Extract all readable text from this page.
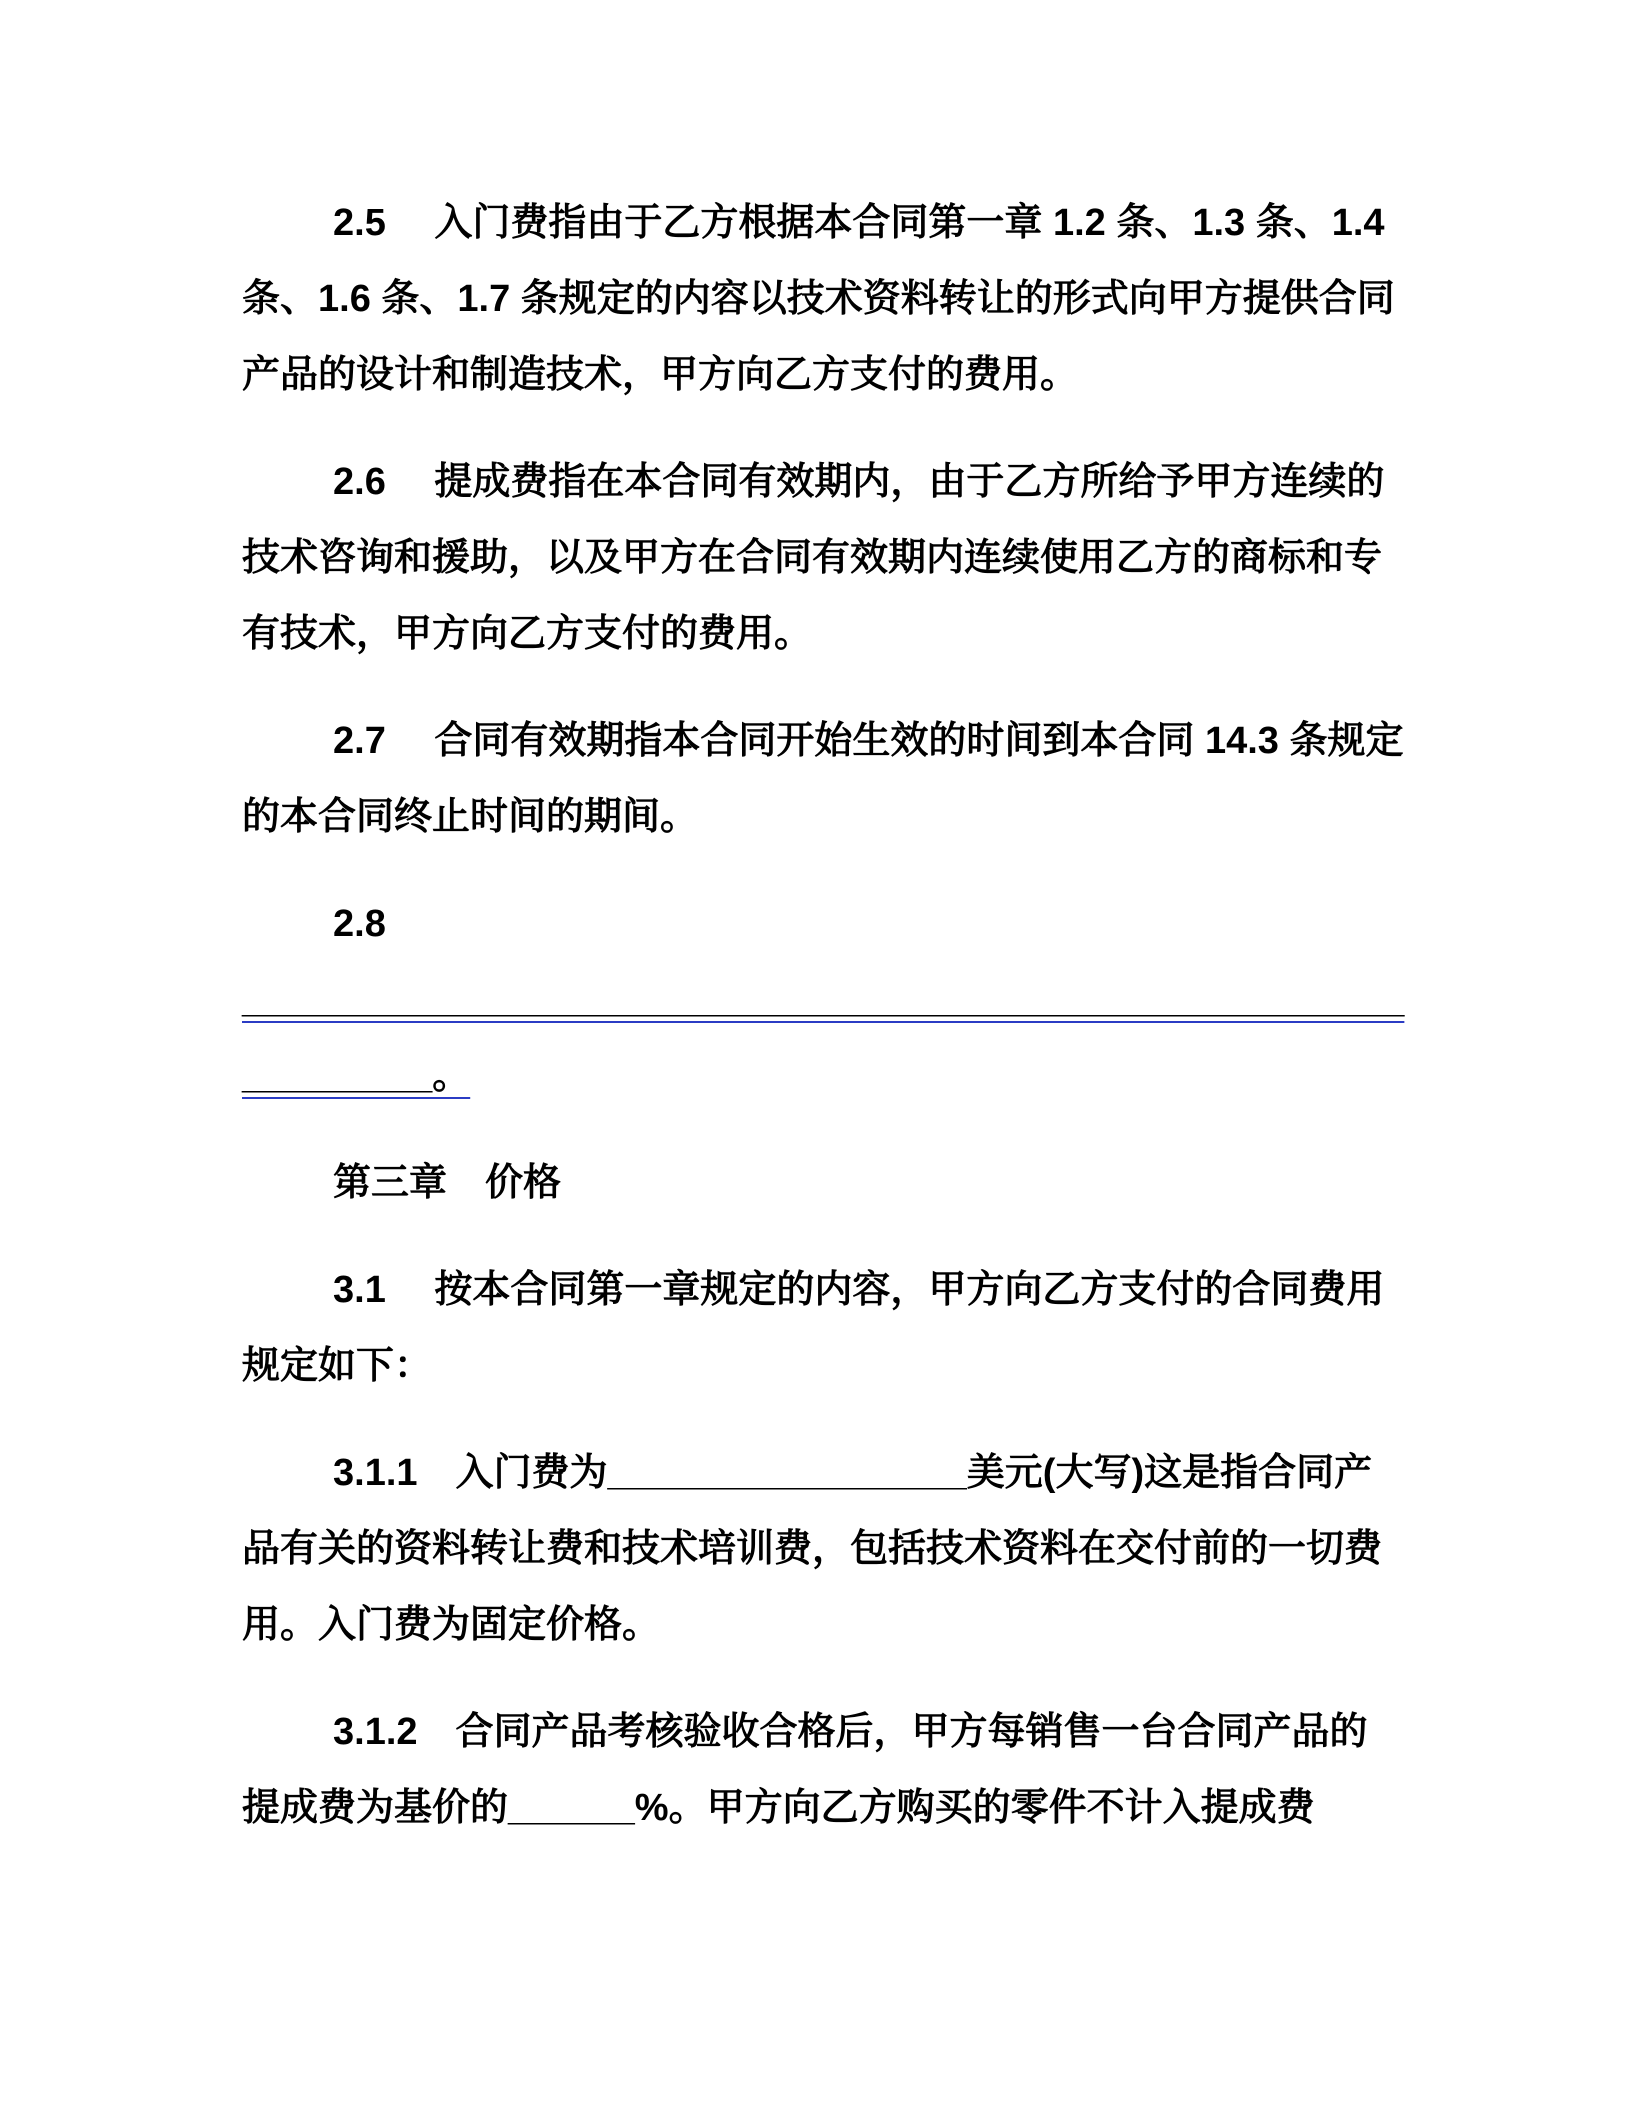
2.5　 入门费指由于乙方根据本合同第一章 1.2 条、1.3 条、1.4
条、1.6 条、1.7 条规定的内容以技术资料转让的形式向甲方提供合同
产品的设计和制造技术，甲方向乙方支付的费用。

2.6　 提成费指在本合同有效期内，由于乙方所给予甲方连续的
技术咨询和援助，以及甲方在合同有效期内连续使用乙方的商标和专
有技术，甲方向乙方支付的费用。

2.7　 合同有效期指本合同开始生效的时间到本合同 14.3 条规定
的本合同终止时间的期间。

2.8
_______________________________________________________
_________。

第三章　价格

3.1　 按本合同第一章规定的内容，甲方向乙方支付的合同费用
规定如下：

3.1.1　入门费为_________________美元(大写)这是指合同产
品有关的资料转让费和技术培训费，包括技术资料在交付前的一切费
用。入门费为固定价格。

3.1.2　合同产品考核验收合格后，甲方每销售一台合同产品的
提成费为基价的______%。甲方向乙方购买的零件不计入提成费
